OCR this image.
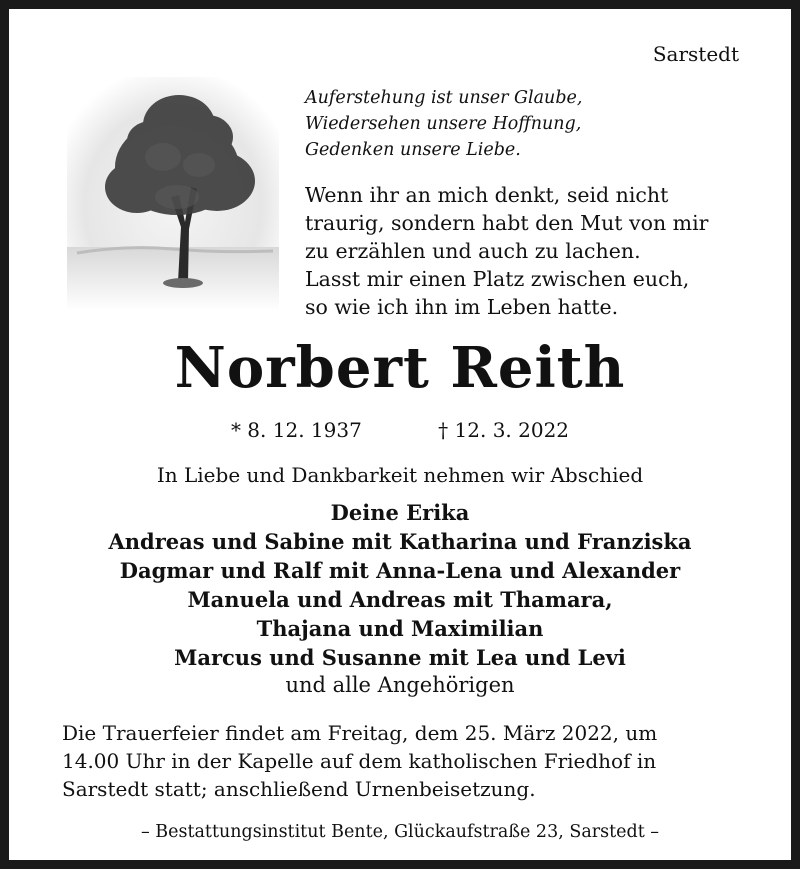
Sarstedt
Auferstehung ist unser Glaube,
Wiedersehen unsere Hoffnung,
Gedenken unsere Liebe.
Wenn ihr an mich denkt, seid nicht
traurig, sondern habt den Mut von mir
zu erzählen und auch zu lachen.
Lasst mir einen Platz zwischen euch,
so wie ich ihn im Leben hatte.
Norbert Reith
* 8. 12. 1937	† 12. 3. 2022
In Liebe und Dankbarkeit nehmen wir Abschied
Deine Erika
Andreas und Sabine mit Katharina und Franziska
Dagmar und Ralf mit Anna-Lena und Alexander
Manuela und Andreas mit Thamara,
Thajana und Maximilian
Marcus und Susanne mit Lea und Levi
und alle Angehörigen
Die Trauerfeier findet am Freitag, dem 25. März 2022, um
14.00 Uhr in der Kapelle auf dem katholischen Friedhof in
Sarstedt statt; anschließend Urnenbeisetzung.
– Bestattungsinstitut Bente, Glückaufstraße 23, Sarstedt –
